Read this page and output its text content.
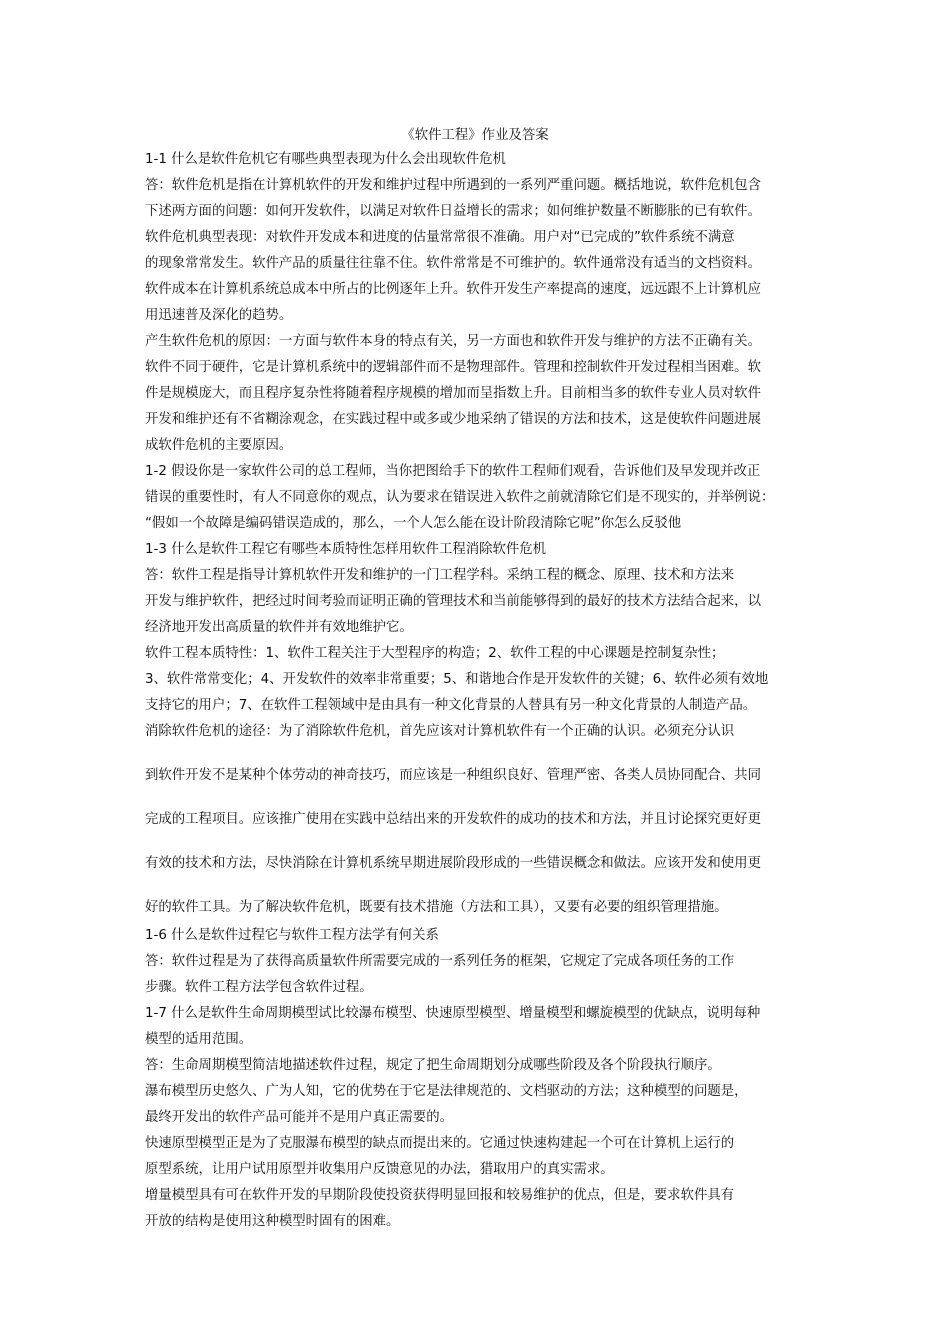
《软件工程》作业及答案
1-1 什么是软件危机它有哪些典型表现为什么会出现软件危机
答：软件危机是指在计算机软件的开发和维护过程中所遇到的一系列严重问题。概括地说，软件危机包含
下述两方面的问题：如何开发软件，以满足对软件日益增长的需求；如何维护数量不断膨胀的已有软件。
软件危机典型表现：对软件开发成本和进度的估量常常很不准确。用户对“已完成的”软件系统不满意
的现象常常发生。软件产品的质量往往靠不住。软件常常是不可维护的。软件通常没有适当的文档资料。
软件成本在计算机系统总成本中所占的比例逐年上升。软件开发生产率提高的速度，远远跟不上计算机应
用迅速普及深化的趋势。
产生软件危机的原因：一方面与软件本身的特点有关，另一方面也和软件开发与维护的方法不正确有关。
软件不同于硬件，它是计算机系统中的逻辑部件而不是物理部件。管理和控制软件开发过程相当困难。软
件是规模庞大，而且程序复杂性将随着程序规模的增加而呈指数上升。目前相当多的软件专业人员对软件
开发和维护还有不省糊涂观念，在实践过程中或多或少地采纳了错误的方法和技术，这是使软件问题进展
成软件危机的主要原因。
1-2 假设你是一家软件公司的总工程师，当你把图给手下的软件工程师们观看，告诉他们及早发现并改正
错误的重要性时，有人不同意你的观点，认为要求在错误进入软件之前就清除它们是不现实的，并举例说：
“假如一个故障是编码错误造成的，那么，一个人怎么能在设计阶段清除它呢”你怎么反驳他
1-3 什么是软件工程它有哪些本质特性怎样用软件工程消除软件危机
答：软件工程是指导计算机软件开发和维护的一门工程学科。采纳工程的概念、原理、技术和方法来
开发与维护软件，把经过时间考验而证明正确的管理技术和当前能够得到的最好的技术方法结合起来，以
经济地开发出高质量的软件并有效地维护它。
软件工程本质特性：1、软件工程关注于大型程序的构造；2、软件工程的中心课题是控制复杂性；
3、软件常常变化；4、开发软件的效率非常重要；5、和谐地合作是开发软件的关键；6、软件必须有效地
支持它的用户；7、在软件工程领域中是由具有一种文化背景的人替具有另一种文化背景的人制造产品。
消除软件危机的途径：为了消除软件危机，首先应该对计算机软件有一个正确的认识。必须充分认识
到软件开发不是某种个体劳动的神奇技巧，而应该是一种组织良好、管理严密、各类人员协同配合、共同
完成的工程项目。应该推广使用在实践中总结出来的开发软件的成功的技术和方法，并且讨论探究更好更
有效的技术和方法，尽快消除在计算机系统早期进展阶段形成的一些错误概念和做法。应该开发和使用更
好的软件工具。为了解决软件危机，既要有技术措施（方法和工具），又要有必要的组织管理措施。
1-6 什么是软件过程它与软件工程方法学有何关系
答：软件过程是为了获得高质量软件所需要完成的一系列任务的框架，它规定了完成各项任务的工作
步骤。软件工程方法学包含软件过程。
1-7 什么是软件生命周期模型试比较瀑布模型、快速原型模型、增量模型和螺旋模型的优缺点，说明每种
模型的适用范围。
答：生命周期模型简洁地描述软件过程，规定了把生命周期划分成哪些阶段及各个阶段执行顺序。
瀑布模型历史悠久、广为人知，它的优势在于它是法律规范的、文档驱动的方法；这种模型的问题是，
最终开发出的软件产品可能并不是用户真正需要的。
快速原型模型正是为了克服瀑布模型的缺点而提出来的。它通过快速构建起一个可在计算机上运行的
原型系统，让用户试用原型并收集用户反馈意见的办法，猎取用户的真实需求。
增量模型具有可在软件开发的早期阶段使投资获得明显回报和较易维护的优点，但是，要求软件具有
开放的结构是使用这种模型时固有的困难。
